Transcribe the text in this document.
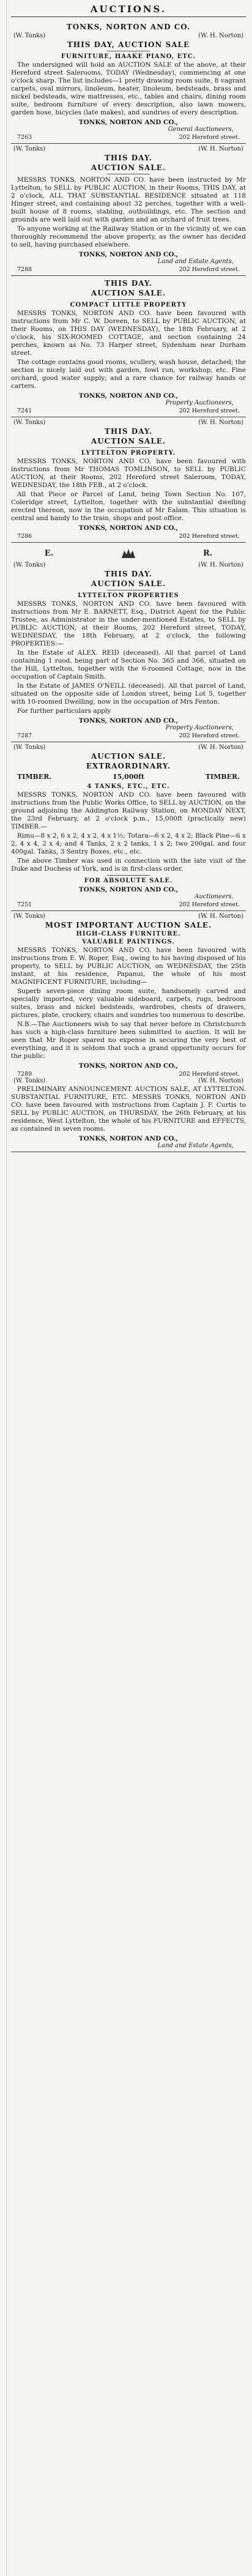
AUCTIONS.
TONKS, NORTON AND CO.
(W. Tonks)	(W. H. Norton)
THIS DAY, AUCTION SALE
FURNITURE, HAAKE PIANO, ETC.

The undersigned will hold an AUCTION SALE of the above, at their Hereford street Salerooms, TODAY (Wednesday), commencing at one o'clock sharp. The list includes—1 pretty drawing room suite, 8 vagrant carpets, oval mirrors, linoleum, heater, linoleum, bedsteads, brass and nickel bedsteads, wire mattresses, etc., tables and chairs, dining room suite, bedroom furniture of every description, also lawn mowers, garden hose, bicycles (late makes), and sundries of every description.

TONKS, NORTON AND CO.,
General Auctioneers,
7263	202 Hereford street.
(W. Tonks)	(W. H. Norton)
THIS DAY.
AUCTION SALE.

MESSRS TONKS, NORTON AND CO. have been instructed by Mr Lyttelton, to SELL by PUBLIC AUCTION, in their Rooms, THIS DAY, at 2 o'clock, ALL THAT SUBSTANTIAL RESIDENCE situated at 118 Hinger street, and containing about 32 perches, together with a well-built house of 8 rooms, stabling, outbuildings, etc. The section and grounds are well laid out with garden and an orchard of fruit trees.

To anyone working at the Railway Station or in the vicinity of, we can thoroughly recommend the above property, as the owner has decided to sell, having purchased elsewhere.

TONKS, NORTON AND CO.,
Land and Estate Agents,
7288	202 Hereford street.
THIS DAY.
AUCTION SALE.
COMPACT LITTLE PROPERTY

MESSRS TONKS, NORTON AND CO. have been favoured with instructions from Mr C. W. Doreen, to SELL by PUBLIC AUCTION, at their Rooms, on THIS DAY (WEDNESDAY), the 18th February, at 2 o'clock, his SIX-ROOMED COTTAGE, and section containing 24 perches, known as No. 73 Harper street, Sydenham near Durham street.

The cottage contains good rooms, scullery, wash house, detached; the section is nicely laid out with garden, fowl run, workshop, etc. Fine orchard, good water supply; and a rare chance for railway hands or carters.

TONKS, NORTON AND CO.,
Property Auctioneers,
7241	202 Hereford street.
(W. Tonks)	(W. H. Norton)
THIS DAY.
AUCTION SALE.
LYTTELTON PROPERTY.

MESSRS TONKS, NORTON AND CO. have been favoured with instructions from Mr THOMAS TOMLINSON, to SELL by PUBLIC AUCTION, at their Rooms, 202 Hereford street Saleroom, TODAY, WEDNESDAY, the 18th FEB., at 2 o'clock.

All that Piece or Parcel of Land, being Town Section No. 107, Coleridge street, Lyttelton, together with the substantial dwelling erected thereon, now in the occupation of Mr Ealam. This situation is central and handy to the train, shops and post office.

TONKS, NORTON AND CO.,
7286	202 Hereford street.
E.	R.
(W. Tonks)	(W. H. Norton)
THIS DAY.
AUCTION SALE.
LYTTELTON PROPERTIES

MESSRS TONKS, NORTON AND CO. have been favoured with instructions from Mr E. BARNETT, Esq., District Agent for the Public Trustee, as Administrator in the under-mentioned Estates, to SELL by PUBLIC AUCTION, at their Rooms, 202 Hereford street, TODAY, WEDNESDAY, the 18th February, at 2 o'clock, the following PROPERTIES:—

In the Estate of ALEX. REID (deceased). All that parcel of Land containing 1 rood, being part of Section No. 365 and 366, situated on the Hill, Lyttelton, together with the 6-roomed Cottage, now in the occupation of Captain Smith.

In the Estate of JAMES O'NEILL (deceased). All that parcel of Land, situated on the opposite side of London street, being Lot 5, together with 10-roomed Dwelling, now in the occupation of Mrs Fenton.

For further particulars apply

TONKS, NORTON AND CO.,
Property Auctioneers,
7287	202 Hereford street.
(W. Tonks)	(W. H. Norton)
AUCTION SALE.
EXTRAORDINARY.
TIMBER.	15,000ft	TIMBER.
4 TANKS, ETC., ETC.

MESSRS TONKS, NORTON AND CO. have been favoured with instructions from the Public Works Office, to SELL by AUCTION, on the ground adjoining the Addington Railway Station, on MONDAY NEXT, the 23rd February, at 2 o'clock p.m., 15,000ft (practically new) TIMBER.—

Rimu—8 x 2, 6 x 2, 4 x 2, 4 x 1½; Totara—6 x 2, 4 x 2; Black Pine—6 x 2, 4 x 4, 2 x 4; and 4 Tanks, 2 x 2 tanks, 1 x 2; two 200gal. and four 400gal. Tanks, 3 Sentry Boxes, etc., etc.

The above Timber was used in connection with the late visit of the Duke and Duchess of York, and is in first-class order.

FOR ABSOLUTE SALE.
TONKS, NORTON AND CO.,
Auctioneers.
7251	202 Hereford street.
(W. Tonks)	(W. H. Norton)
MOST IMPORTANT AUCTION SALE.
HIGH-CLASS FURNITURE.
VALUABLE PAINTINGS.

MESSRS TONKS, NORTON AND CO. have been favoured with instructions from E. W. Roper, Esq., owing to his having disposed of his property, to SELL by PUBLIC AUCTION, on WEDNESDAY, the 25th instant, at his residence, Papanui, the whole of his most MAGNIFICENT FURNITURE, including—

Superb seven-piece dining room suite, handsomely carved and specially imported, very valuable sideboard, carpets, rugs, bedroom suites, brass and nickel bedsteads, wardrobes, chests of drawers, pictures, plate, crockery, chairs and sundries too numerous to describe.

N.B.—The Auctioneers wish to say that never before in Christchurch has such a high-class furniture been submitted to auction. It will be seen that Mr Roper spared no expense in securing the very best of everything, and it is seldom that such a grand opportunity occurs for the public.

TONKS, NORTON AND CO.,
7289	202 Hereford street.
(W. Tonks)	(W. H. Norton)

PRELIMINARY ANNOUNCEMENT. AUCTION SALE, AT LYTTELTON. SUBSTANTIAL FURNITURE, ETC. MESSRS TONKS, NORTON AND CO. have been favoured with instructions from Captain J. F. Curtis to SELL by PUBLIC AUCTION, on THURSDAY, the 26th February, at his residence, West Lyttelton, the whole of his FURNITURE and EFFECTS, as contained in seven rooms.

TONKS, NORTON AND CO.,
Land and Estate Agents,
